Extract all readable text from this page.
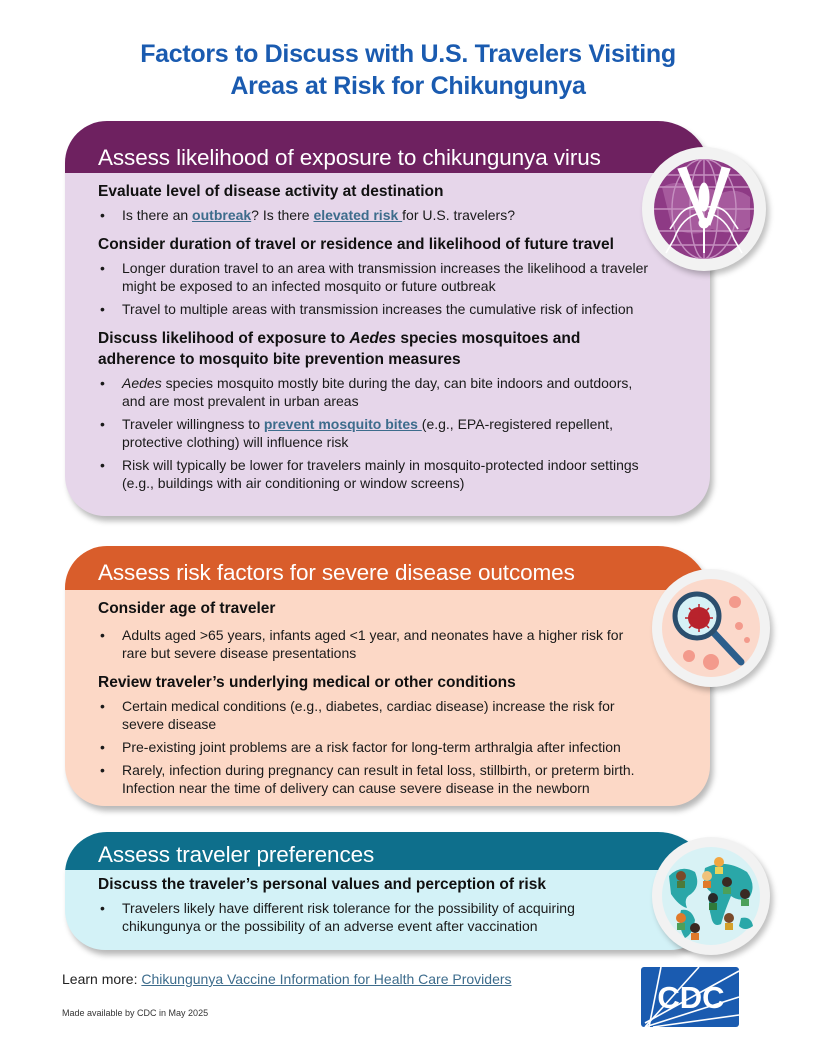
Factors to Discuss with U.S. Travelers Visiting
Areas at Risk for Chikungunya
Assess likelihood of exposure to chikungunya virus
Evaluate level of disease activity at destination
• Is there an outbreak? Is there elevated risk for U.S. travelers?
Consider duration of travel or residence and likelihood of future travel
• Longer duration travel to an area with transmission increases the likelihood a traveler might be exposed to an infected mosquito or future outbreak
• Travel to multiple areas with transmission increases the cumulative risk of infection
Discuss likelihood of exposure to Aedes species mosquitoes and adherence to mosquito bite prevention measures
• Aedes species mosquito mostly bite during the day, can bite indoors and outdoors, and are most prevalent in urban areas
• Traveler willingness to prevent mosquito bites (e.g., EPA-registered repellent, protective clothing) will influence risk
• Risk will typically be lower for travelers mainly in mosquito-protected indoor settings (e.g., buildings with air conditioning or window screens)
Assess risk factors for severe disease outcomes
Consider age of traveler
• Adults aged >65 years, infants aged <1 year, and neonates have a higher risk for rare but severe disease presentations
Review traveler’s underlying medical or other conditions
• Certain medical conditions (e.g., diabetes, cardiac disease) increase the risk for severe disease
• Pre-existing joint problems are a risk factor for long-term arthralgia after infection
• Rarely, infection during pregnancy can result in fetal loss, stillbirth, or preterm birth. Infection near the time of delivery can cause severe disease in the newborn
Assess traveler preferences
Discuss the traveler’s personal values and perception of risk
• Travelers likely have different risk tolerance for the possibility of acquiring chikungunya or the possibility of an adverse event after vaccination
Learn more: Chikungunya Vaccine Information for Health Care Providers
Made available by CDC in May 2025	CDC
